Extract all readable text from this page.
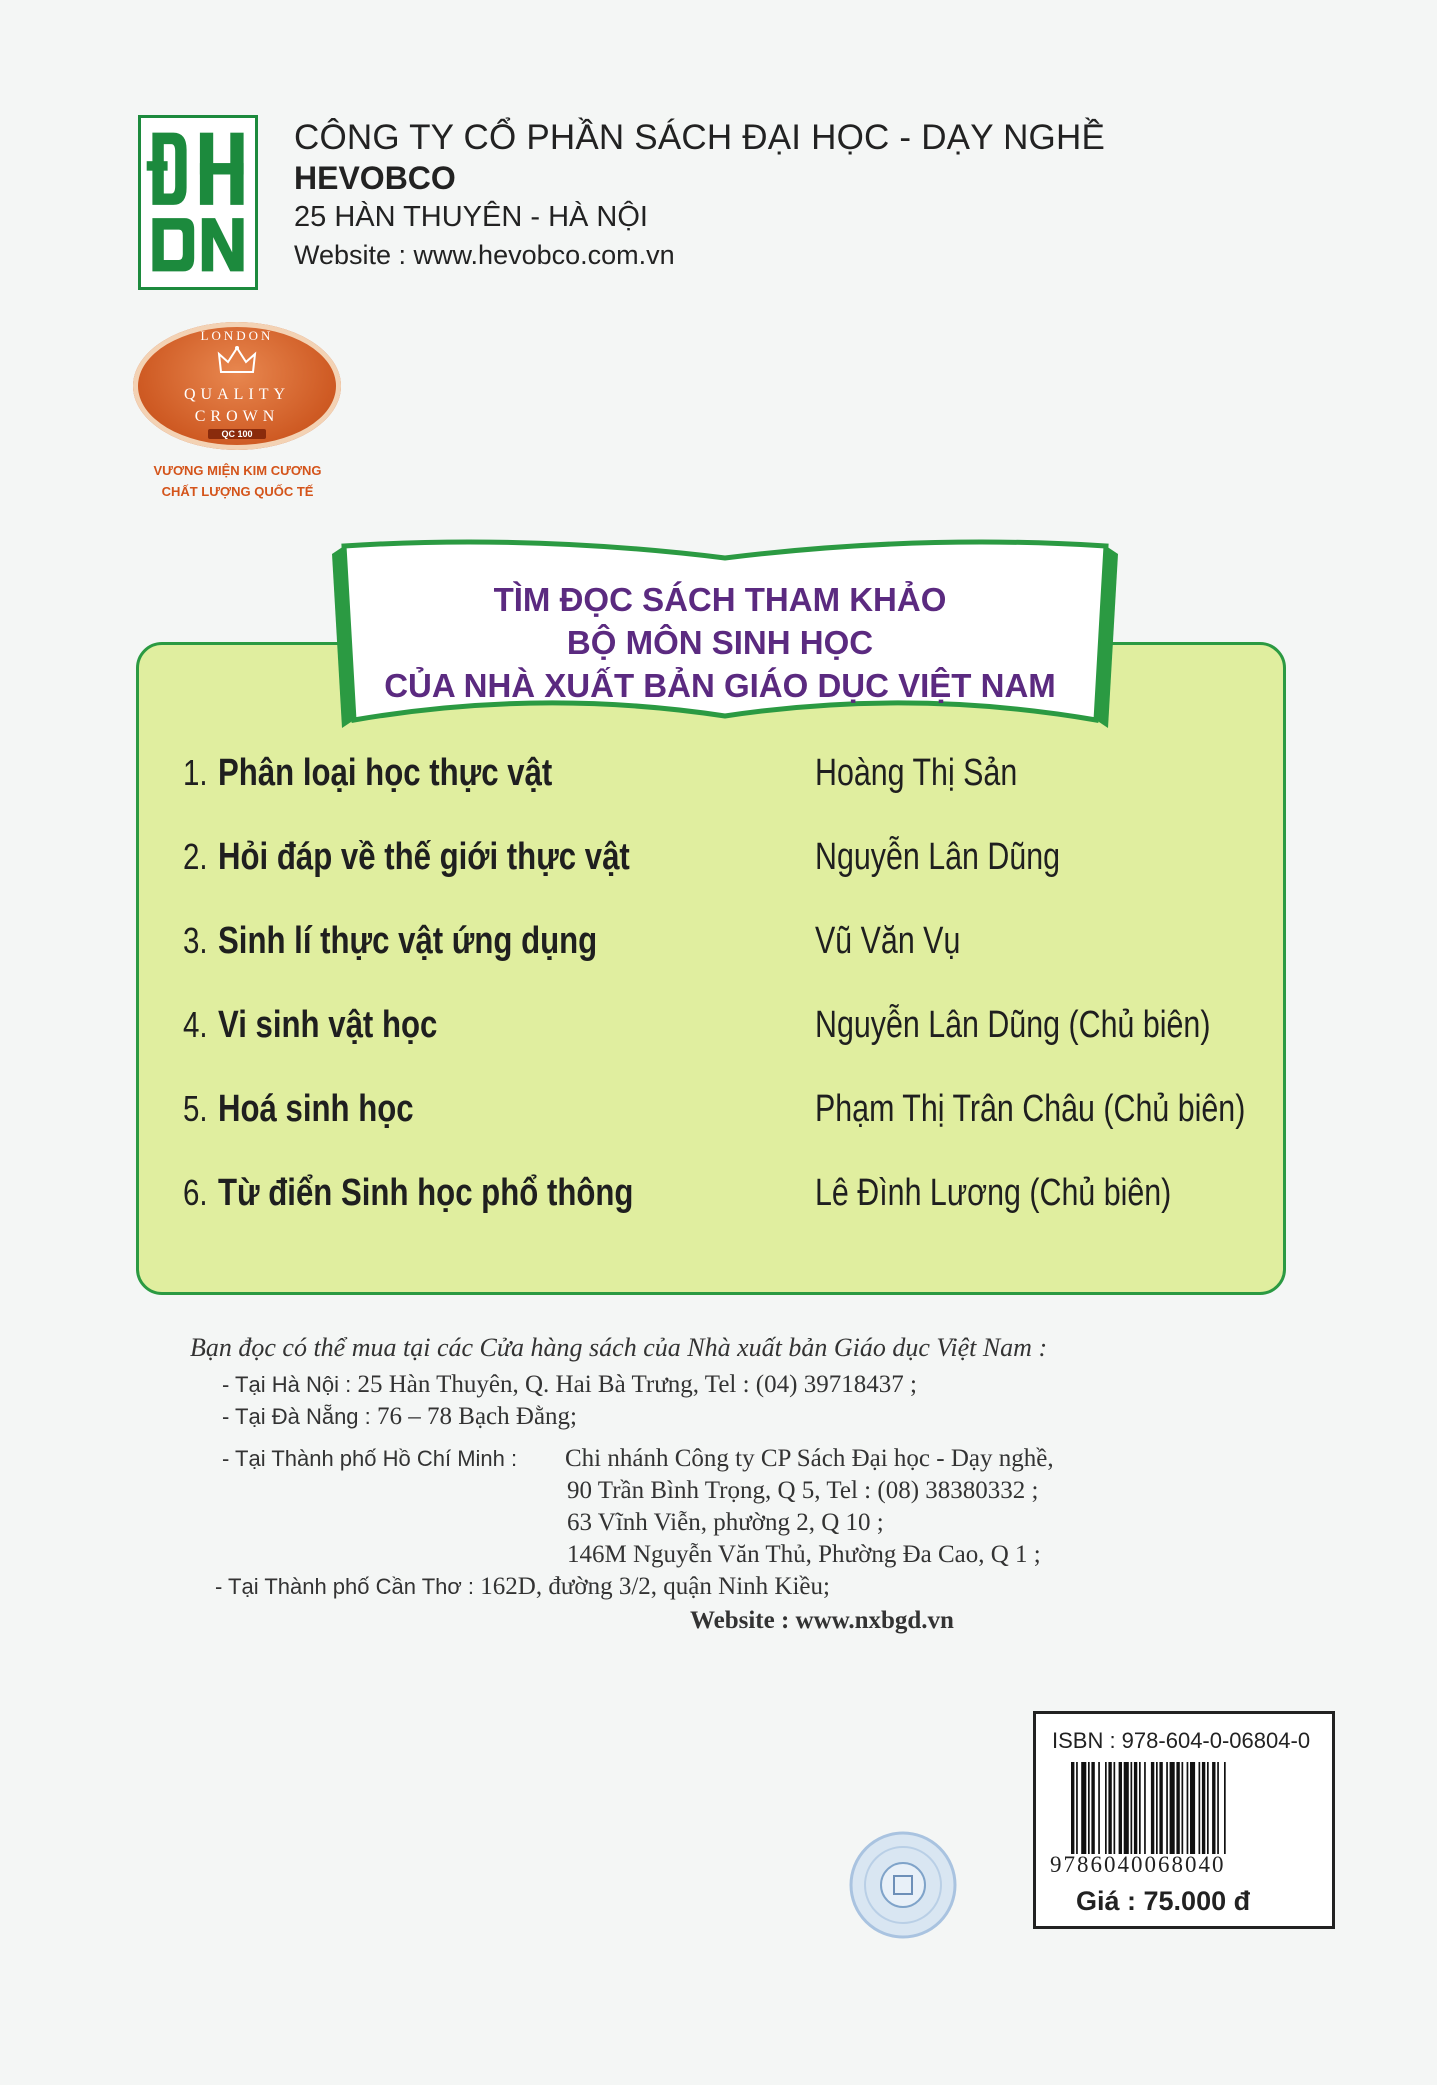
CÔNG TY CỔ PHẦN SÁCH ĐẠI HỌC - DẠY NGHỀ
HEVOBCO
25 HÀN THUYÊN - HÀ NỘI
Website : www.hevobco.com.vn
LONDON
QUALITY
CROWN
QC 100
VƯƠNG MIỆN KIM CƯƠNG
CHẤT LƯỢNG QUỐC TẾ
TÌM ĐỌC SÁCH THAM KHẢO
BỘ MÔN SINH HỌC
CỦA NHÀ XUẤT BẢN GIÁO DỤC VIỆT NAM
1. Phân loại học thực vật	Hoàng Thị Sản
2. Hỏi đáp về thế giới thực vật	Nguyễn Lân Dũng
3. Sinh lí thực vật ứng dụng	Vũ Văn Vụ
4. Vi sinh vật học	Nguyễn Lân Dũng (Chủ biên)
5. Hoá sinh học	Phạm Thị Trân Châu (Chủ biên)
6. Từ điển Sinh học phổ thông	Lê Đình Lương (Chủ biên)
Bạn đọc có thể mua tại các Cửa hàng sách của Nhà xuất bản Giáo dục Việt Nam :
- Tại Hà Nội : 25 Hàn Thuyên, Q. Hai Bà Trưng, Tel : (04) 39718437 ;
- Tại Đà Nẵng : 76 – 78 Bạch Đằng;
- Tại Thành phố Hồ Chí Minh : Chi nhánh Công ty CP Sách Đại học - Dạy nghề,
90 Trần Bình Trọng, Q 5, Tel : (08) 38380332 ;
63 Vĩnh Viễn, phường 2, Q 10 ;
146M Nguyễn Văn Thủ, Phường Đa Cao, Q 1 ;
- Tại Thành phố Cần Thơ : 162D, đường 3/2, quận Ninh Kiều;
Website : www.nxbgd.vn
ISBN : 978-604-0-06804-0
9786040068040
Giá : 75.000 đ
